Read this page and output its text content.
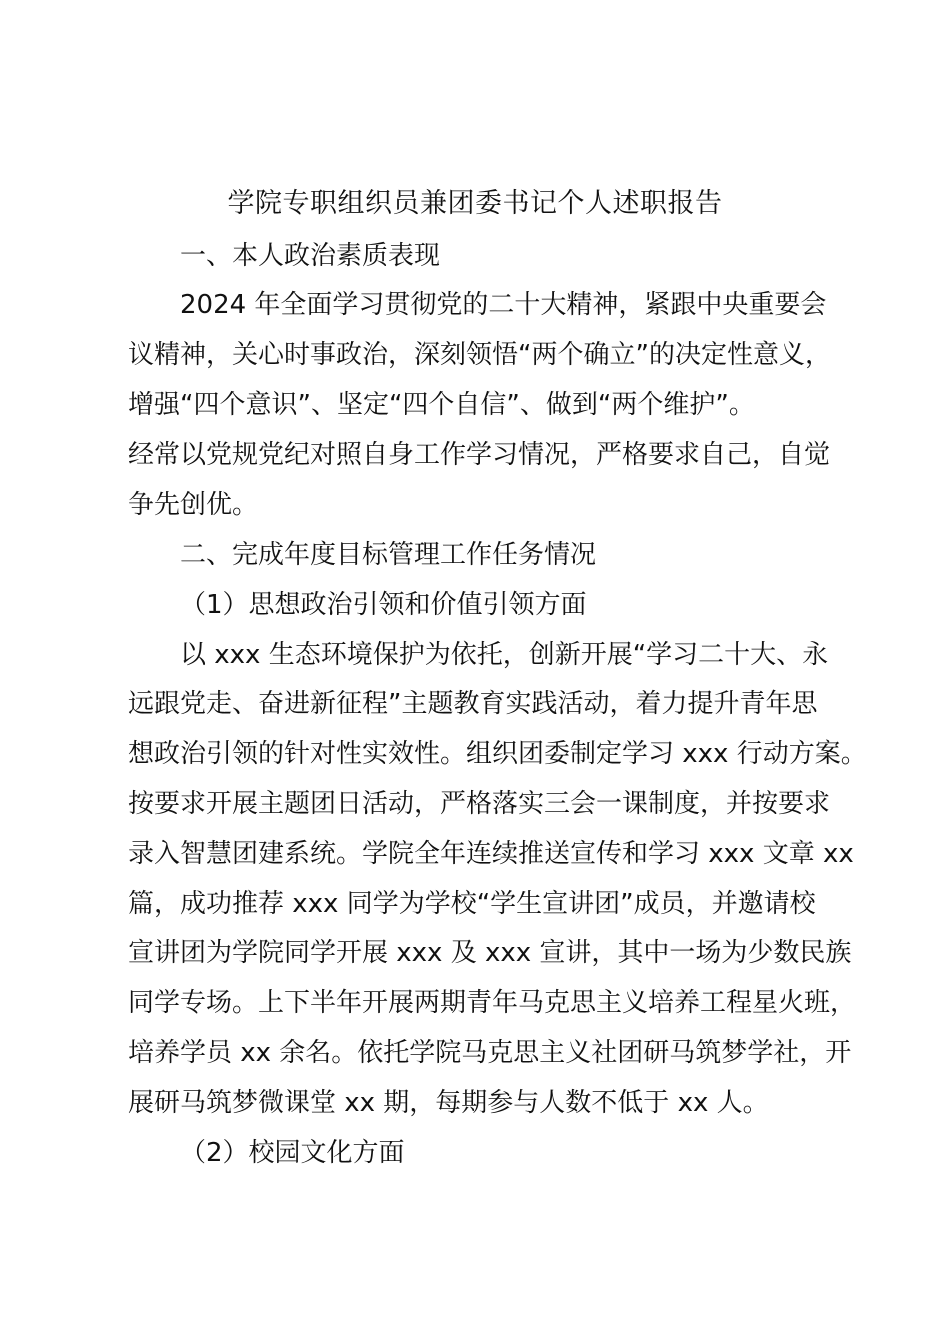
学院专职组织员兼团委书记个人述职报告
一、本人政治素质表现
2024 年全面学习贯彻党的二十大精神，紧跟中央重要会
议精神，关心时事政治，深刻领悟“两个确立”的决定性意义，
增强“四个意识”、坚定“四个自信”、做到“两个维护”。
经常以党规党纪对照自身工作学习情况，严格要求自己，自觉
争先创优。
二、完成年度目标管理工作任务情况
（1）思想政治引领和价值引领方面
以 xxx 生态环境保护为依托，创新开展“学习二十大、永
远跟党走、奋进新征程”主题教育实践活动，着力提升青年思
想政治引领的针对性实效性。组织团委制定学习 xxx 行动方案。
按要求开展主题团日活动，严格落实三会一课制度，并按要求
录入智慧团建系统。学院全年连续推送宣传和学习 xxx 文章 xx
篇，成功推荐 xxx 同学为学校“学生宣讲团”成员，并邀请校
宣讲团为学院同学开展 xxx 及 xxx 宣讲，其中一场为少数民族
同学专场。上下半年开展两期青年马克思主义培养工程星火班，
培养学员 xx 余名。依托学院马克思主义社团研马筑梦学社，开
展研马筑梦微课堂 xx 期，每期参与人数不低于 xx 人。
（2）校园文化方面
